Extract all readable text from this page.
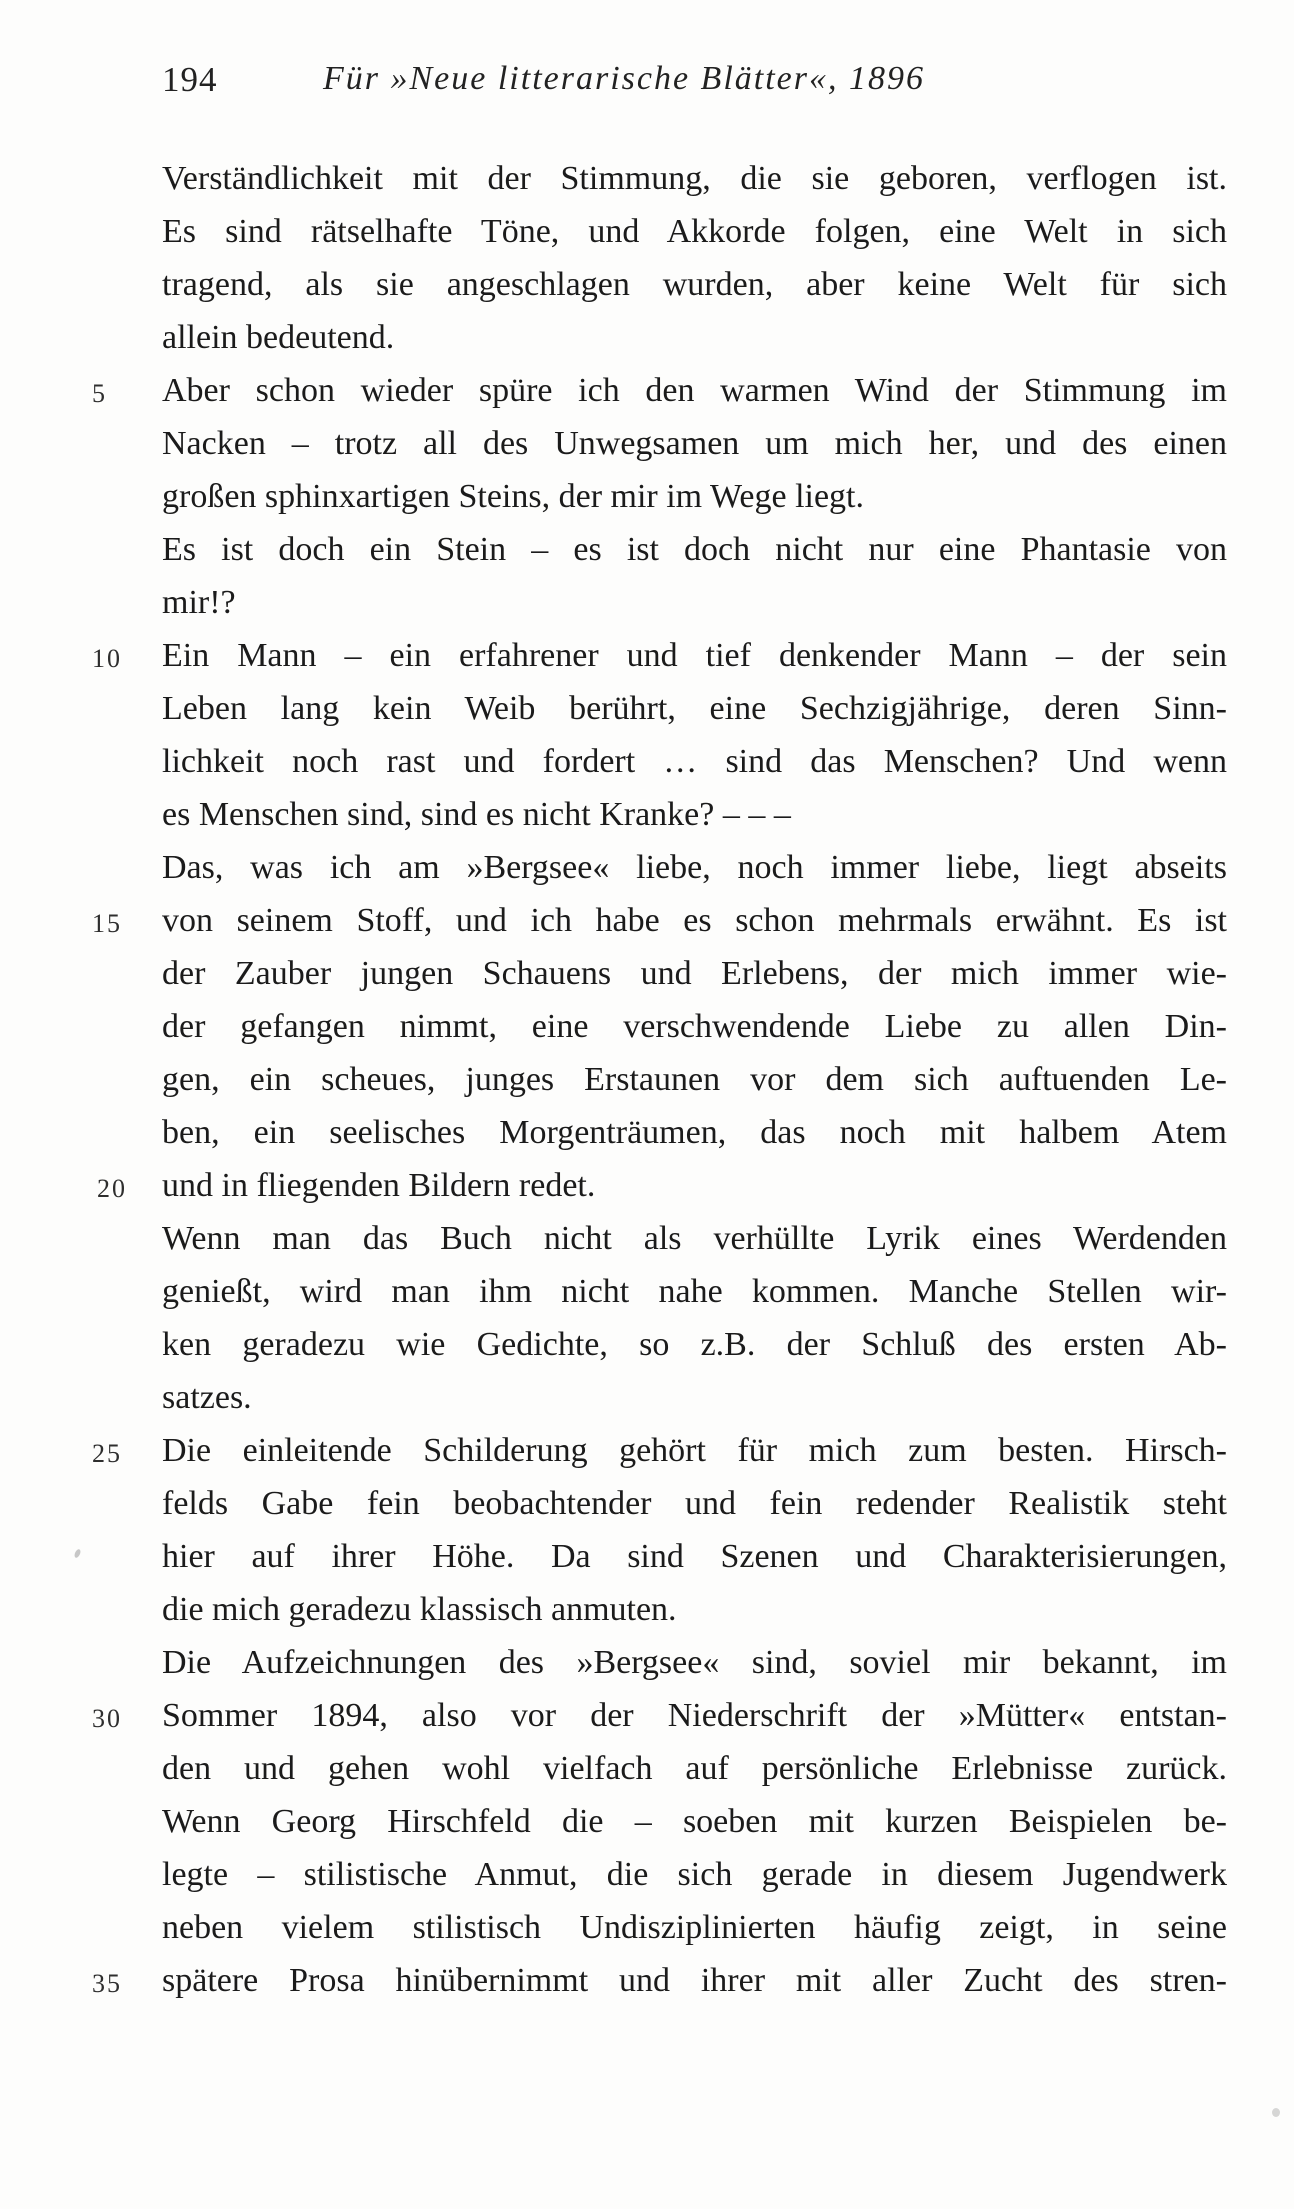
194	Für »Neue litterarische Blätter«, 1896
Verständlichkeit mit der Stimmung, die sie geboren, verflogen ist.
Es sind rätselhafte Töne, und Akkorde folgen, eine Welt in sich
tragend, als sie angeschlagen wurden, aber keine Welt für sich
allein bedeutend.
5	Aber schon wieder spüre ich den warmen Wind der Stimmung im
Nacken – trotz all des Unwegsamen um mich her, und des einen
großen sphinxartigen Steins, der mir im Wege liegt.
Es ist doch ein Stein – es ist doch nicht nur eine Phantasie von
mir!?
10 Ein Mann – ein erfahrener und tief denkender Mann – der sein
Leben lang kein Weib berührt, eine Sechzigjährige, deren Sinn-
lichkeit noch rast und fordert … sind das Menschen? Und wenn
es Menschen sind, sind es nicht Kranke? – – –
Das, was ich am »Bergsee« liebe, noch immer liebe, liegt abseits
15 von seinem Stoff, und ich habe es schon mehrmals erwähnt. Es ist
der Zauber jungen Schauens und Erlebens, der mich immer wie-
der gefangen nimmt, eine verschwendende Liebe zu allen Din-
gen, ein scheues, junges Erstaunen vor dem sich auftuenden Le-
ben, ein seelisches Morgenträumen, das noch mit halbem Atem
20 und in fliegenden Bildern redet.
Wenn man das Buch nicht als verhüllte Lyrik eines Werdenden
genießt, wird man ihm nicht nahe kommen. Manche Stellen wir-
ken geradezu wie Gedichte, so z.B. der Schluß des ersten Ab-
satzes.
25 Die einleitende Schilderung gehört für mich zum besten. Hirsch-
felds Gabe fein beobachtender und fein redender Realistik steht
hier auf ihrer Höhe. Da sind Szenen und Charakterisierungen,
die mich geradezu klassisch anmuten.
Die Aufzeichnungen des »Bergsee« sind, soviel mir bekannt, im
30 Sommer 1894, also vor der Niederschrift der »Mütter« entstan-
den und gehen wohl vielfach auf persönliche Erlebnisse zurück.
Wenn Georg Hirschfeld die – soeben mit kurzen Beispielen be-
legte – stilistische Anmut, die sich gerade in diesem Jugendwerk
neben vielem stilistisch Undisziplinierten häufig zeigt, in seine
35 spätere Prosa hinübernimmt und ihrer mit aller Zucht des stren-
